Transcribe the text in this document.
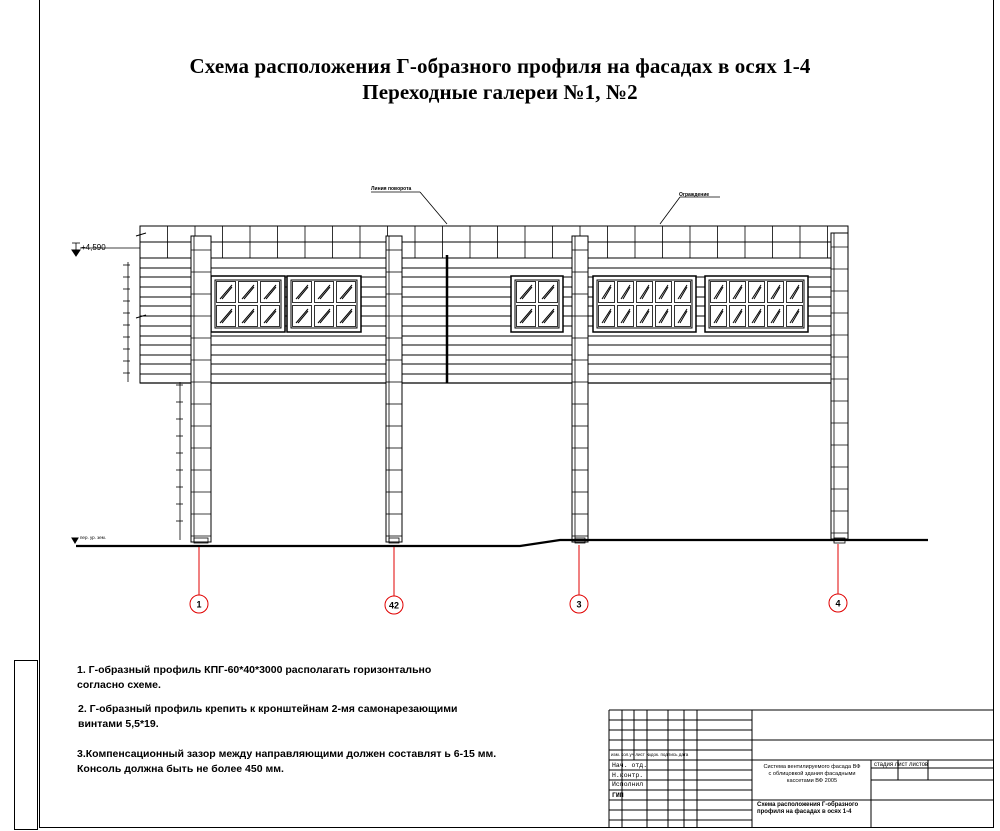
Схема расположения Г-образного профиля на фасадах в осях 1-4
Переходные галереи №1, №2
Линия поворота
Ограждение
+4,590
пер. ур. зем.
1	42	3	4
1. Г-образный профиль КПГ-60*40*3000 располагать горизонтально
согласно схеме.
2. Г-образный профиль крепить к кронштейнам 2-мя самонарезающими
винтами 5,5*19.
3.Компенсационный зазор между направляющими должен составлят ь 6-15 мм.
Консоль должна быть не более 450 мм.
изм. кол.уч лист №док. подпись дата
Нач. отд.
Н.контр.
Исполнил
ГИП
Система вентилируемого фасада ВФ
с облицовкой здания фасадными
кассетами ВФ 2005
стадия лист листов
Схема расположения Г-образного
профиля на фасадах в осях 1-4
